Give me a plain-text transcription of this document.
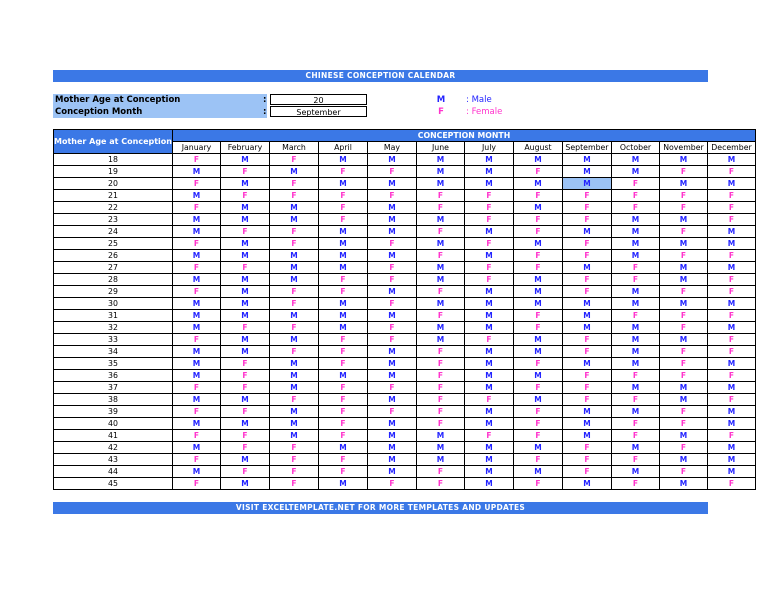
CHINESE CONCEPTION CALENDAR
Mother Age at Conception	:	20
Conception Month	:	September
M	: Male
F	: Female
Mother Age at Conception	CONCEPTION MONTH											
	January	February	March	April	May	June	July	August	September	October	November	December
18	F	M	F	M	M	M	M	M	M	M	M	M
19	M	F	M	F	F	M	M	F	M	M	F	F
20	F	M	F	M	M	M	M	M	M	F	M	M
21	M	F	F	F	F	F	F	F	F	F	F	F
22	F	M	M	F	M	F	F	M	F	F	F	F
23	M	M	M	F	M	M	F	F	F	M	M	F
24	M	F	F	M	M	F	M	F	M	M	F	M
25	F	M	F	M	F	M	F	M	F	M	M	M
26	M	M	M	M	M	F	M	F	F	M	F	F
27	F	F	M	M	F	M	F	F	M	F	M	M
28	M	M	M	F	F	M	F	M	F	F	M	F
29	F	M	F	F	M	F	M	M	F	M	F	F
30	M	M	F	M	F	M	M	M	M	M	M	M
31	M	M	M	M	M	F	M	F	M	F	F	F
32	M	F	F	M	F	M	M	F	M	M	F	M
33	F	M	M	F	F	M	F	M	F	M	M	F
34	M	M	F	F	M	F	M	M	F	M	F	F
35	M	F	M	F	M	F	M	F	M	M	F	M
36	M	F	M	M	M	F	M	M	F	F	F	F
37	F	F	M	F	F	F	M	F	F	M	M	M
38	M	M	F	F	M	F	F	M	F	F	M	F
39	F	F	M	F	F	F	M	F	M	M	F	M
40	M	M	M	F	M	F	M	F	M	F	F	M
41	F	F	M	F	M	M	F	F	M	F	M	F
42	M	F	F	M	M	M	M	M	F	M	F	M
43	F	M	F	F	M	M	M	F	F	F	M	M
44	M	F	F	F	M	F	M	M	F	M	F	M
45	F	M	F	M	F	F	M	F	M	F	M	F
VISIT EXCELTEMPLATE.NET FOR MORE TEMPLATES AND UPDATES
